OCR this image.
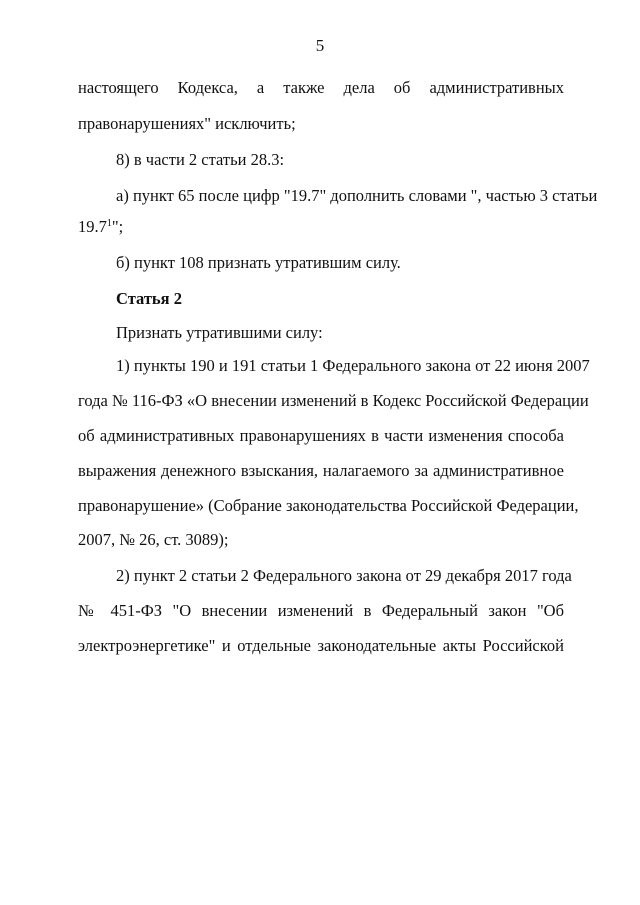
5
настоящего Кодекса, а также дела об административных
правонарушениях" исключить;
8) в части 2 статьи 28.3:
а) пункт 65 после цифр "19.7" дополнить словами ", частью 3 статьи
19.7$^1$";
б) пункт 108 признать утратившим силу.
Статья 2
Признать утратившими силу:
1) пункты 190 и 191 статьи 1 Федерального закона от 22 июня 2007
года № 116-ФЗ «О внесении изменений в Кодекс Российской Федерации
об административных правонарушениях в части изменения способа
выражения денежного взыскания, налагаемого за административное
правонарушение» (Собрание законодательства Российской Федерации,
2007, № 26, ст. 3089);
2) пункт 2 статьи 2 Федерального закона от 29 декабря 2017 года
№ 451-ФЗ "О внесении изменений в Федеральный закон "Об
электроэнергетике" и отдельные законодательные акты Российской
